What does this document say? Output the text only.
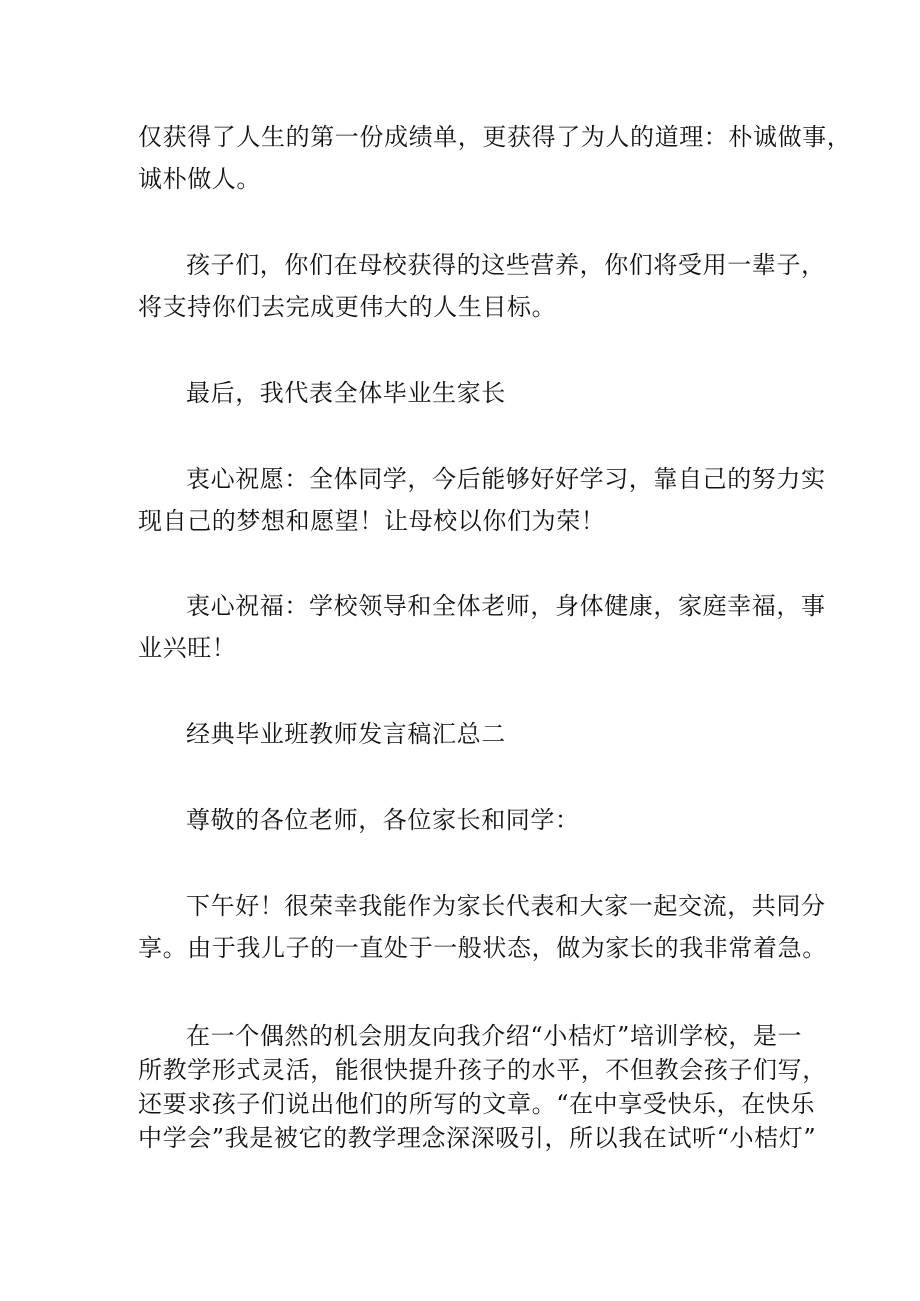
仅获得了人生的第一份成绩单，更获得了为人的道理：朴诚做事，
诚朴做人。
孩子们，你们在母校获得的这些营养，你们将受用一辈子，
将支持你们去完成更伟大的人生目标。
最后，我代表全体毕业生家长
衷心祝愿：全体同学，今后能够好好学习，靠自己的努力实
现自己的梦想和愿望！让母校以你们为荣！
衷心祝福：学校领导和全体老师，身体健康，家庭幸福，事
业兴旺！
经典毕业班教师发言稿汇总二
尊敬的各位老师，各位家长和同学：
下午好！很荣幸我能作为家长代表和大家一起交流，共同分
享。由于我儿子的一直处于一般状态，做为家长的我非常着急。
在一个偶然的机会朋友向我介绍“小桔灯”培训学校，是一
所教学形式灵活，能很快提升孩子的水平，不但教会孩子们写，
还要求孩子们说出他们的所写的文章。“在中享受快乐，在快乐
中学会”我是被它的教学理念深深吸引，所以我在试听“小桔灯”
